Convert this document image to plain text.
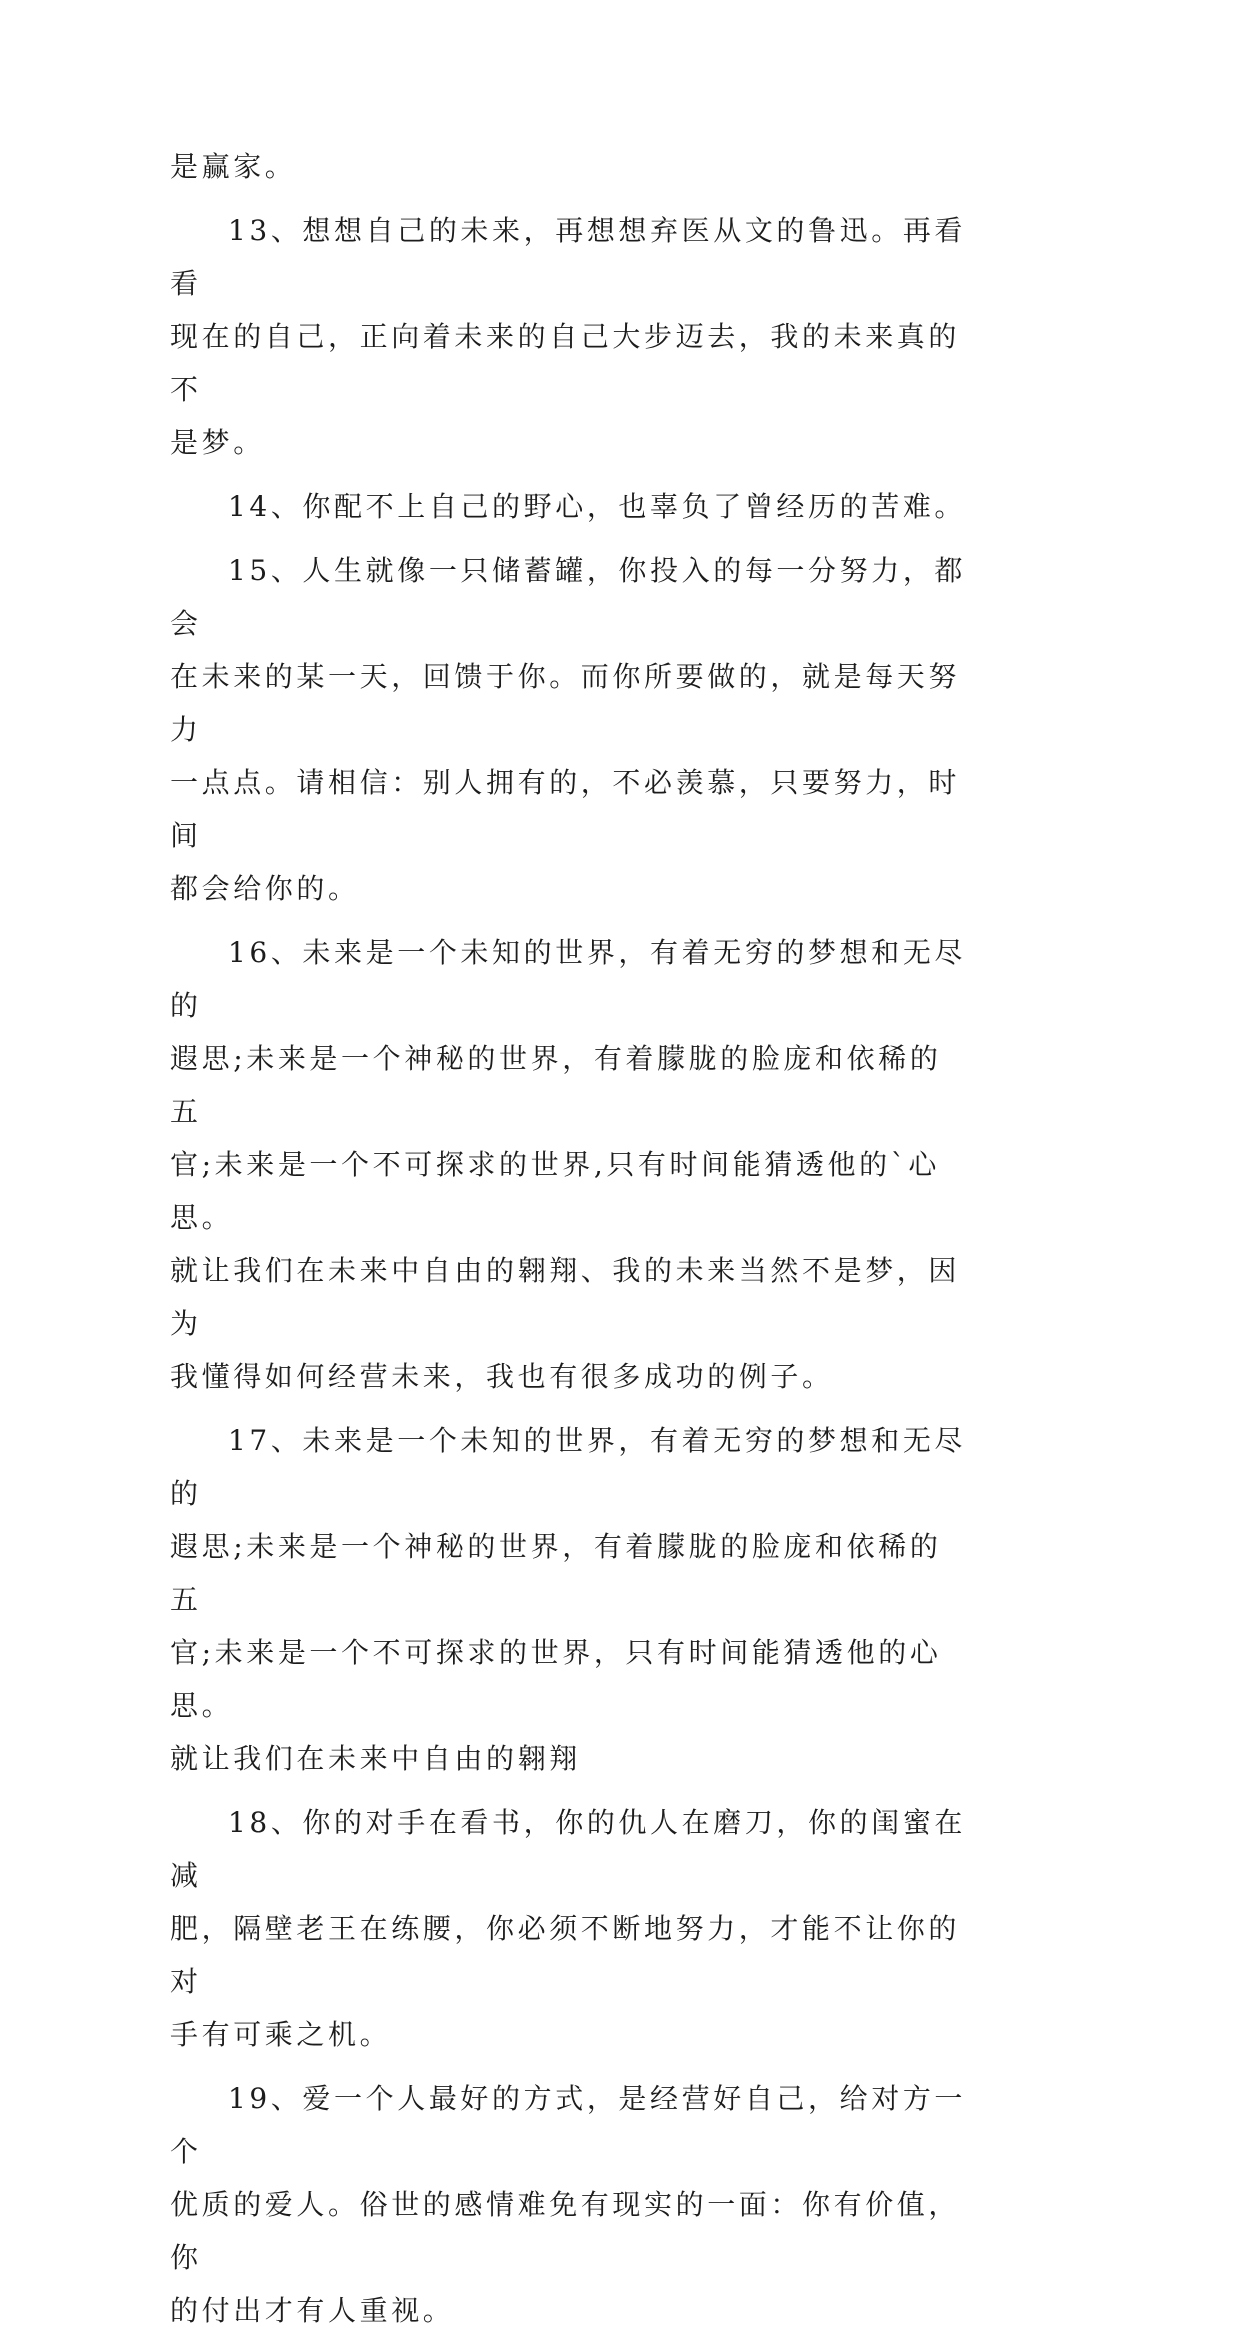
是赢家。

13、想想自己的未来，再想想弃医从文的鲁迅。再看看
现在的自己，正向着未来的自己大步迈去，我的未来真的不
是梦。

14、你配不上自己的野心，也辜负了曾经历的苦难。

15、人生就像一只储蓄罐，你投入的每一分努力，都会
在未来的某一天，回馈于你。而你所要做的，就是每天努力
一点点。请相信：别人拥有的，不必羡慕，只要努力，时间
都会给你的。

16、未来是一个未知的世界，有着无穷的梦想和无尽的
遐思;未来是一个神秘的世界，有着朦胧的脸庞和依稀的五
官;未来是一个不可探求的世界,只有时间能猜透他的`心思。
就让我们在未来中自由的翱翔、我的未来当然不是梦，因为
我懂得如何经营未来，我也有很多成功的例子。

17、未来是一个未知的世界，有着无穷的梦想和无尽的
遐思;未来是一个神秘的世界，有着朦胧的脸庞和依稀的五
官;未来是一个不可探求的世界，只有时间能猜透他的心思。
就让我们在未来中自由的翱翔

18、你的对手在看书，你的仇人在磨刀，你的闺蜜在减
肥，隔壁老王在练腰，你必须不断地努力，才能不让你的对
手有可乘之机。

19、爱一个人最好的方式，是经营好自己，给对方一个
优质的爱人。俗世的感情难免有现实的一面：你有价值，你
的付出才有人重视。
